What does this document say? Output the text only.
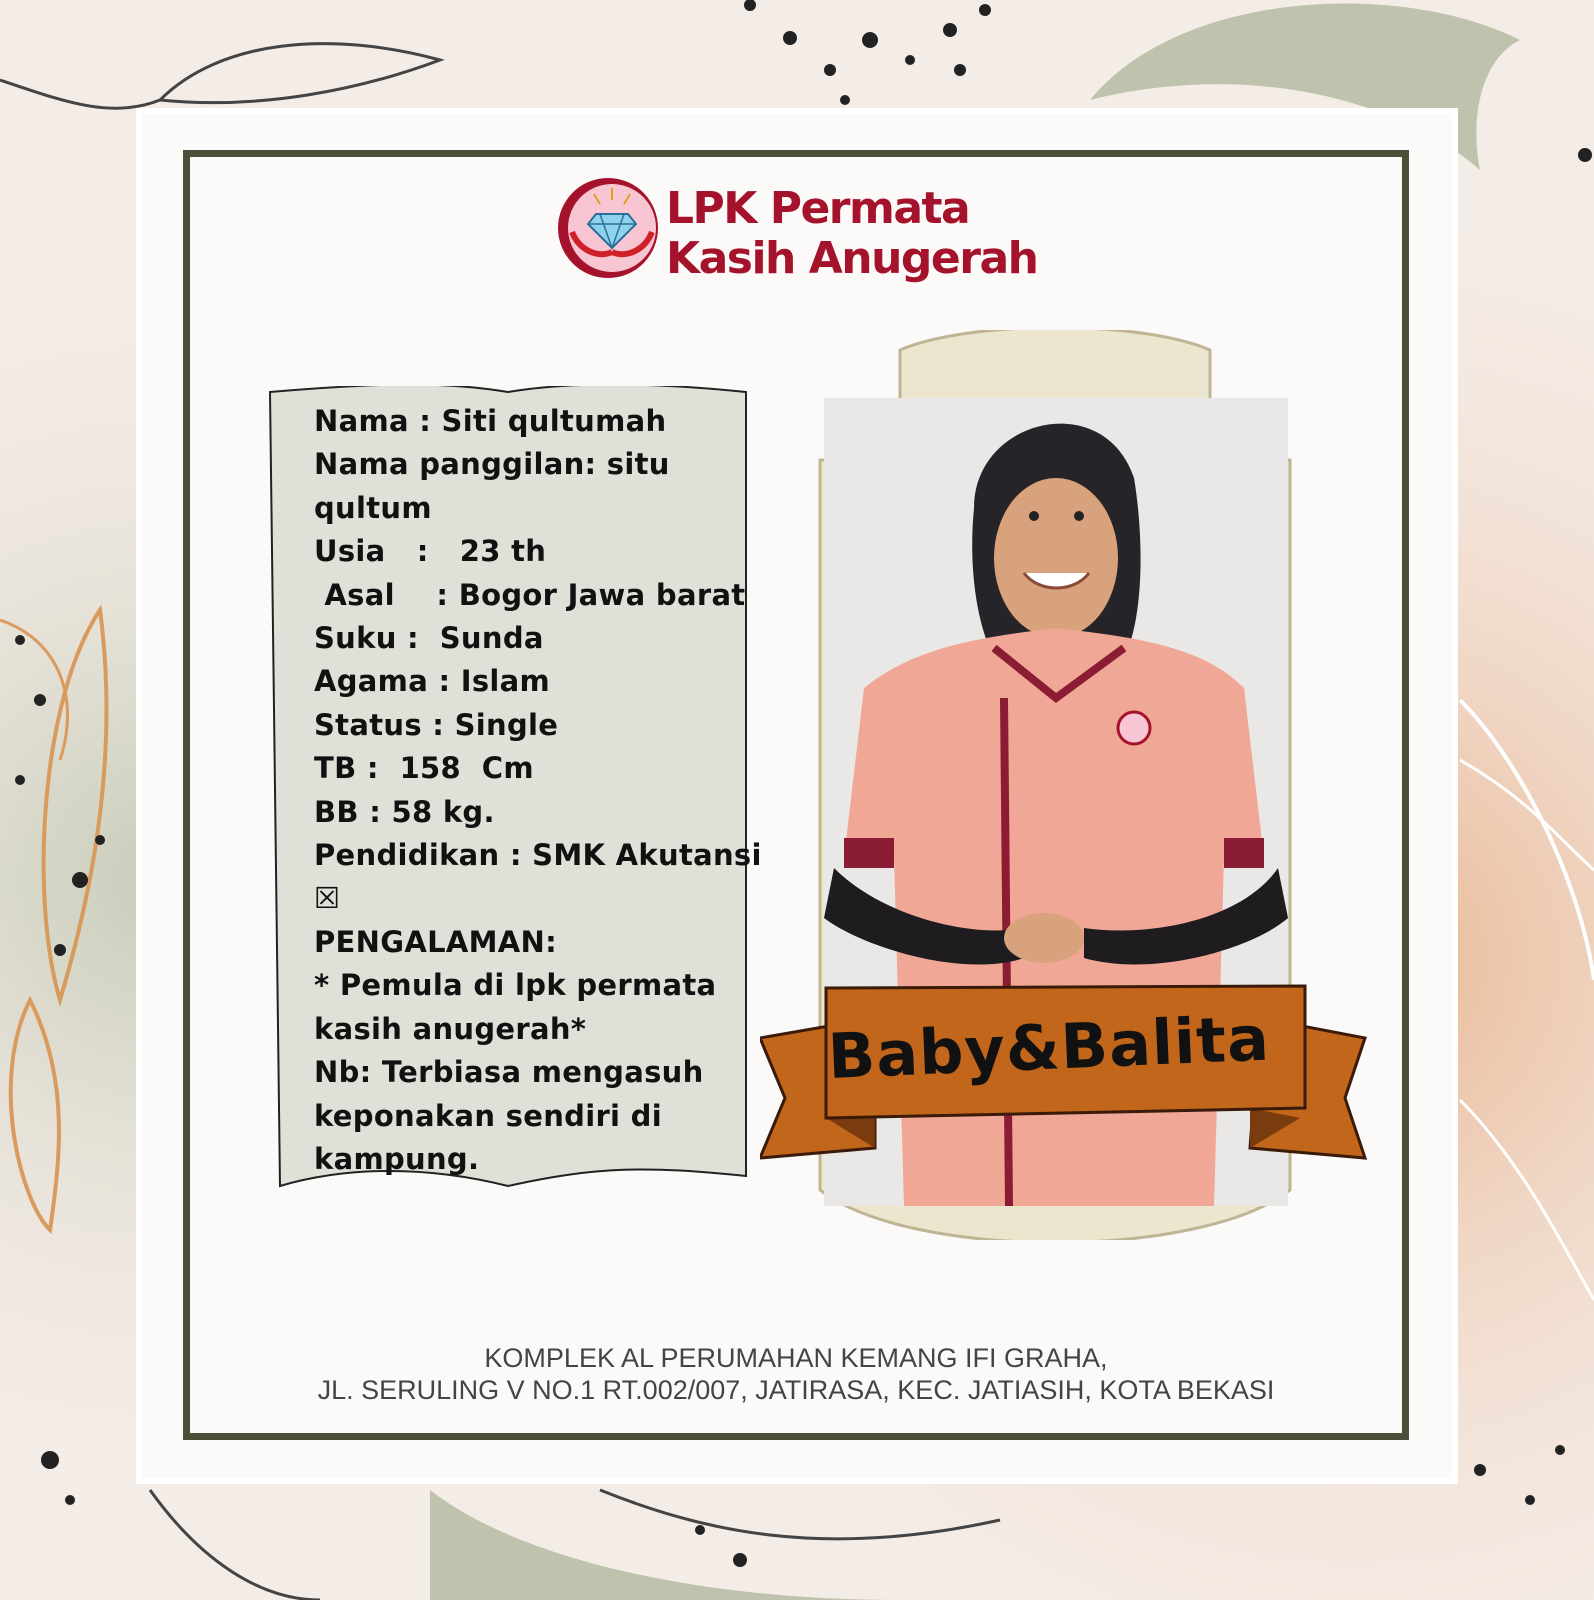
LPK Permata
Kasih Anugerah
Nama : Siti qultumah
Nama panggilan: situ
qultum
Usia   :   23 th
Asal    : Bogor Jawa barat
Suku :  Sunda
Agama : Islam
Status : Single
TB :  158  Cm
BB : 58 kg.
Pendidikan : SMK Akutansi
☒
PENGALAMAN:
* Pemula di lpk permata
kasih anugerah*
Nb: Terbiasa mengasuh
keponakan sendiri di
kampung.
Baby&Balita
KOMPLEK AL PERUMAHAN KEMANG IFI GRAHA,
JL. SERULING V NO.1 RT.002/007, JATIRASA, KEC. JATIASIH, KOTA BEKASI
